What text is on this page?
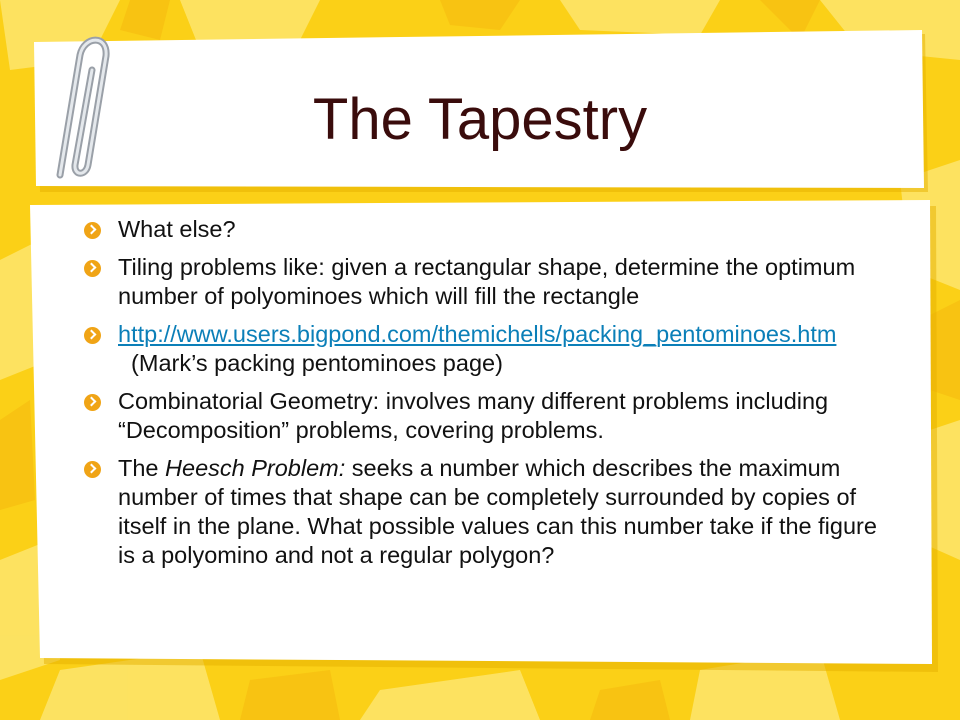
The Tapestry
What else?
Tiling problems like: given a rectangular shape, determine the optimum number of polyominoes which will fill the rectangle
http://www.users.bigpond.com/themichells/packing_pentominoes.htm  (Mark’s packing pentominoes page)
Combinatorial Geometry: involves many different problems including “Decomposition” problems, covering problems.
The Heesch Problem: seeks a number which describes the maximum number of times that shape can be completely surrounded by copies of itself in the plane. What possible values can this number take if the figure is a polyomino and not a regular polygon?
